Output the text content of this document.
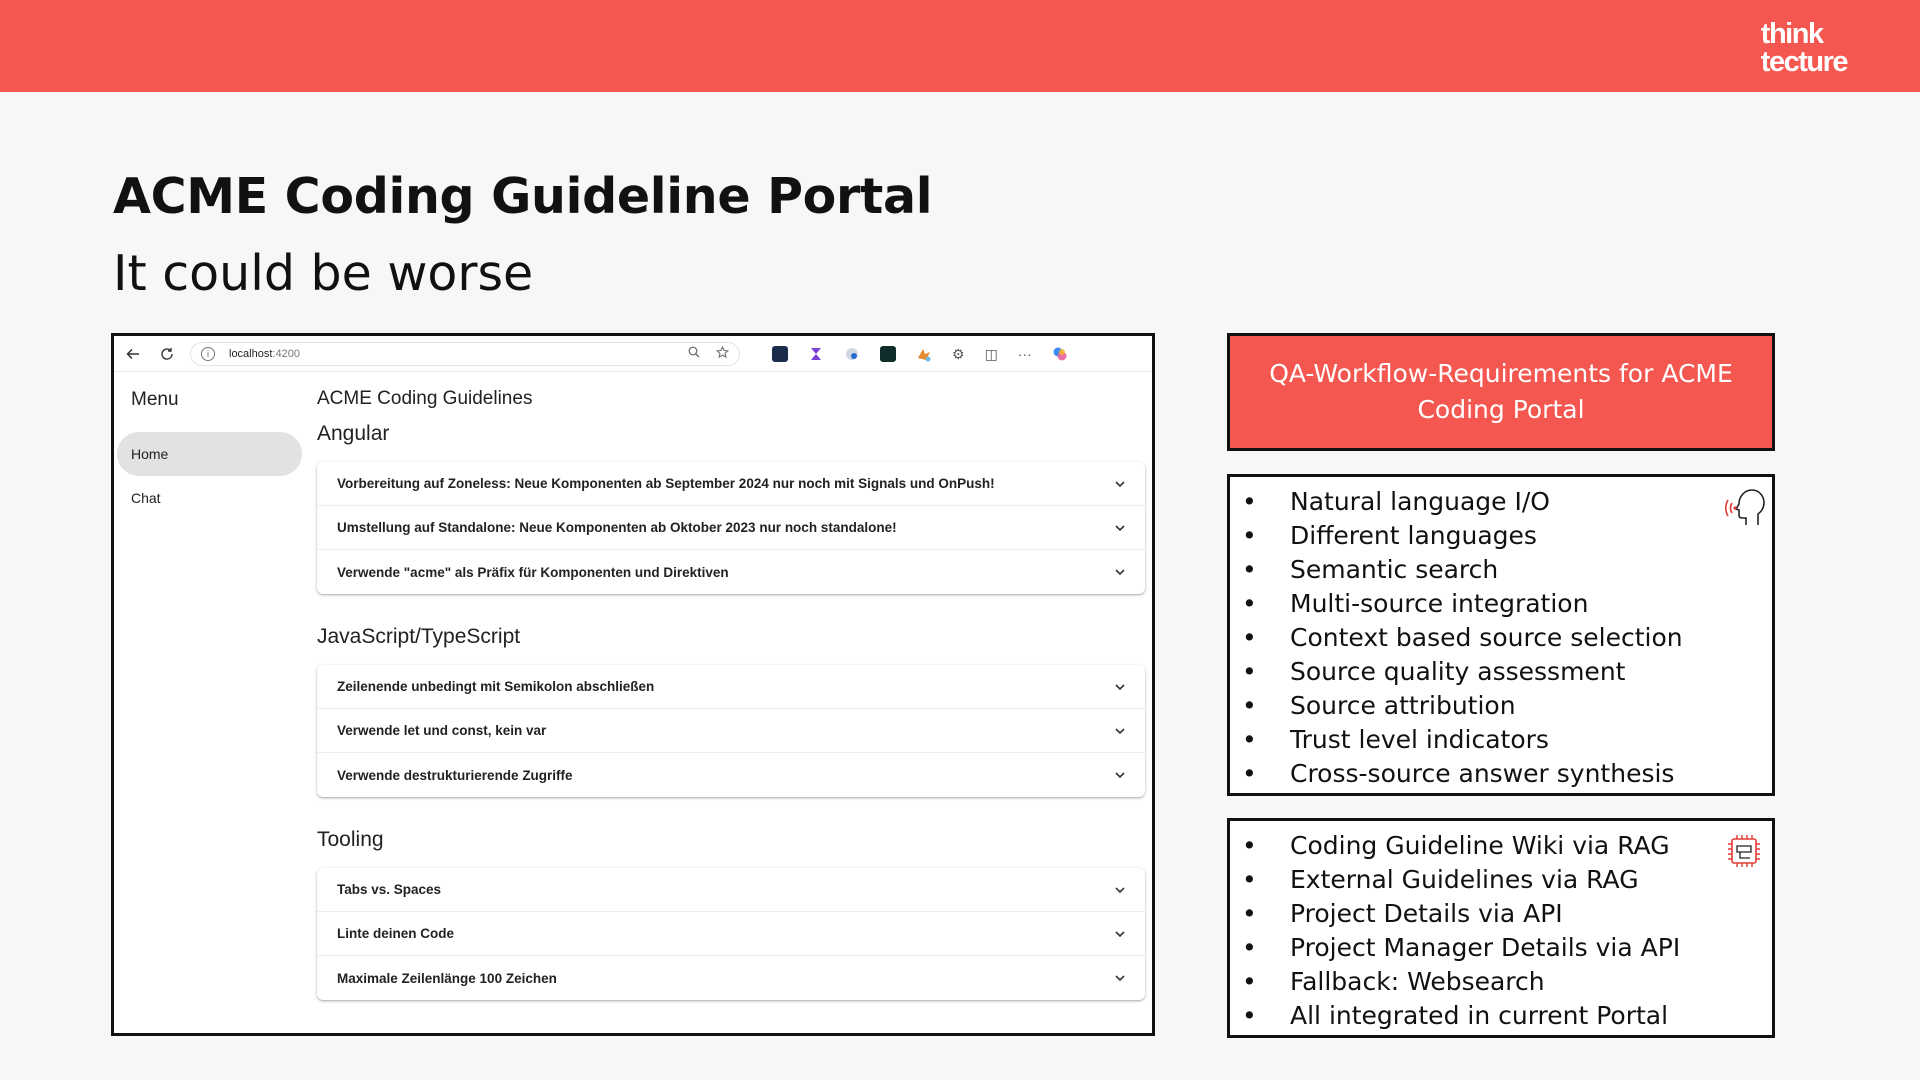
think
tecture
ACME Coding Guideline Portal
It could be worse
i	localhost :4200	⚙ ◫ ···
Menu
Home
Chat
ACME Coding Guidelines
Angular
Vorbereitung auf Zoneless: Neue Komponenten ab September 2024 nur noch mit Signals und OnPush!
Umstellung auf Standalone: Neue Komponenten ab Oktober 2023 nur noch standalone!
Verwende "acme" als Präfix für Komponenten und Direktiven
JavaScript/TypeScript
Zeilenende unbedingt mit Semikolon abschließen
Verwende let und const, kein var
Verwende destrukturierende Zugriffe
Tooling
Tabs vs. Spaces
Linte deinen Code
Maximale Zeilenlänge 100 Zeichen
QA-Workflow-Requirements for ACME Coding Portal
• Natural language I/O
• Different languages
• Semantic search
• Multi-source integration
• Context based source selection
• Source quality assessment
• Source attribution
• Trust level indicators
• Cross-source answer synthesis
• Coding Guideline Wiki via RAG
• External Guidelines via RAG
• Project Details via API
• Project Manager Details via API
• Fallback: Websearch
• All integrated in current Portal
